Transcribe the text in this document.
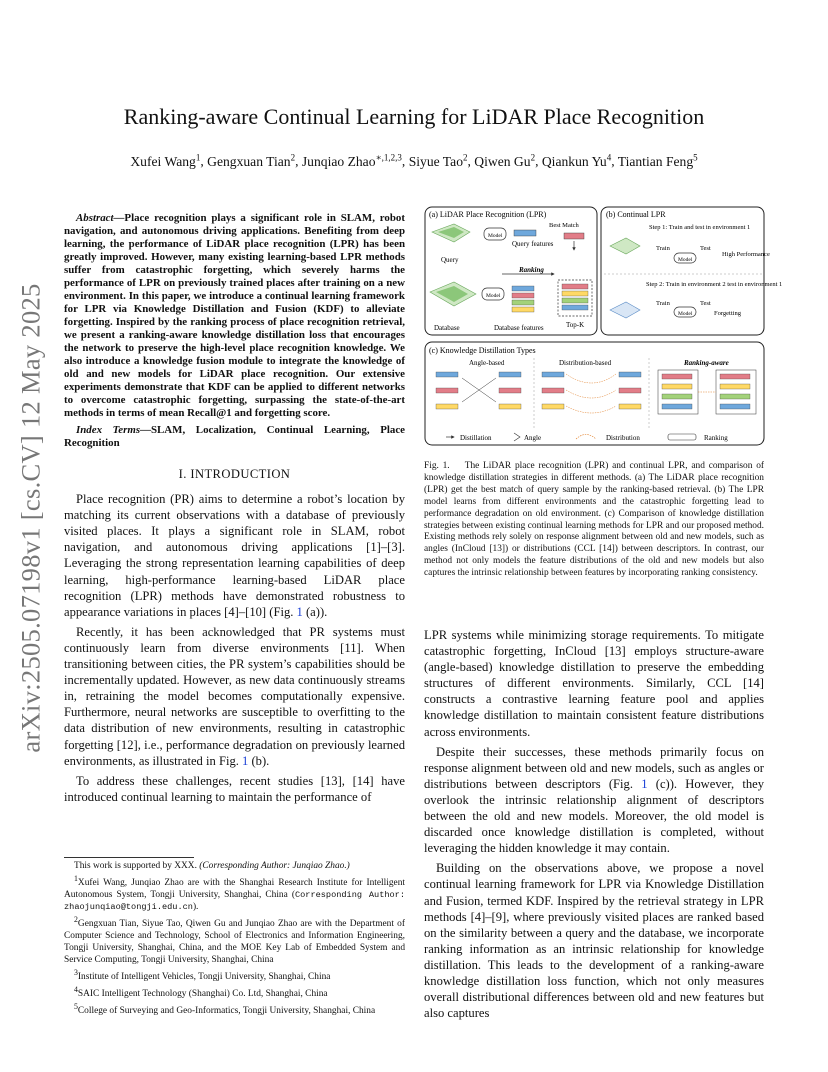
arXiv:2505.07198v1 [cs.CV] 12 May 2025
Ranking-aware Continual Learning for LiDAR Place Recognition
Xufei Wang$^1$, Gengxuan Tian$^2$, Junqiao Zhao$^{∗,1,2,3}$, Siyue Tao$^2$, Qiwen Gu$^2$, Qiankun Yu$^4$, Tiantian Feng$^5$

Abstract—Place recognition plays a significant role in SLAM, robot navigation, and autonomous driving applications. Benefiting from deep learning, the performance of LiDAR place recognition (LPR) has been greatly improved. However, many existing learning-based LPR methods suffer from catastrophic forgetting, which severely harms the performance of LPR on previously trained places after training on a new environment. In this paper, we introduce a continual learning framework for LPR via Knowledge Distillation and Fusion (KDF) to alleviate forgetting. Inspired by the ranking process of place recognition retrieval, we present a ranking-aware knowledge distillation loss that encourages the network to preserve the high-level place recognition knowledge. We also introduce a knowledge fusion module to integrate the knowledge of old and new models for LiDAR place recognition. Our extensive experiments demonstrate that KDF can be applied to different networks to overcome catastrophic forgetting, surpassing the state-of-the-art methods in terms of mean Recall@1 and forgetting score.

Index Terms—SLAM, Localization, Continual Learning, Place Recognition

I. INTRODUCTION

Place recognition (PR) aims to determine a robot’s location by matching its current observations with a database of previously visited places. It plays a significant role in SLAM, robot navigation, and autonomous driving applications [1]–[3]. Leveraging the strong representation learning capabilities of deep learning, high-performance learning-based LiDAR place recognition (LPR) methods have demonstrated robustness to appearance variations in places [4]–[10] (Fig. 1 (a)).

Recently, it has been acknowledged that PR systems must continuously learn from diverse environments [11]. When transitioning between cities, the PR system’s capabilities should be incrementally updated. However, as new data continuously streams in, retraining the model becomes computationally expensive. Furthermore, neural networks are susceptible to overfitting to the data distribution of new environments, resulting in catastrophic forgetting [12], i.e., performance degradation on previously learned environments, as illustrated in Fig. 1 (b).

To address these challenges, recent studies [13], [14] have introduced continual learning to maintain the performance of

This work is supported by XXX. (Corresponding Author: Junqiao Zhao.)
$^1$Xufei Wang, Junqiao Zhao are with the Shanghai Research Institute for Intelligent Autonomous System, Tongji University, Shanghai, China (Corresponding Author: zhaojunqiao@tongji.edu.cn).
$^2$Gengxuan Tian, Siyue Tao, Qiwen Gu and Junqiao Zhao are with the Department of Computer Science and Technology, School of Electronics and Information Engineering, Tongji University, Shanghai, China, and the MOE Key Lab of Embedded System and Service Computing, Tongji University, Shanghai, China
$^3$Institute of Intelligent Vehicles, Tongji University, Shanghai, China
$^4$SAIC Intelligent Technology (Shanghai) Co. Ltd, Shanghai, China
$^5$College of Surveying and Geo-Informatics, Tongji University, Shanghai, China
(a) LiDAR Place Recognition (LPR)	(b) Continual LPR
(c) Knowledge Distillation Types
Query
Model
Query features
Best Match
Ranking
Database
Model
Database features	Top-K
Step 1: Train and test in environment 1
Train	Test
Model
High Performance
Step 2: Train in environment 2 test in environment 1
Train	Test
Model	Forgetting
Angle-based	Distribution-based	Ranking-aware
Distillation	Angle	Distribution	Ranking
Fig. 1. The LiDAR place recognition (LPR) and continual LPR, and comparison of knowledge distillation strategies in different methods. (a) The LiDAR place recognition (LPR) get the best match of query sample by the ranking-based retrieval. (b) The LPR model learns from different environments and the catastrophic forgetting lead to performance degradation on old environment. (c) Comparison of knowledge distillation strategies between existing continual learning methods for LPR and our proposed method. Existing methods rely solely on response alignment between old and new models, such as angles (InCloud [13]) or distributions (CCL [14]) between descriptors. In contrast, our method not only models the feature distributions of the old and new models but also captures the intrinsic relationship between features by incorporating ranking consistency.

LPR systems while minimizing storage requirements. To mitigate catastrophic forgetting, InCloud [13] employs structure-aware (angle-based) knowledge distillation to preserve the embedding structures of different environments. Similarly, CCL [14] constructs a contrastive learning feature pool and applies knowledge distillation to maintain consistent feature distributions across environments.

Despite their successes, these methods primarily focus on response alignment between old and new models, such as angles or distributions between descriptors (Fig. 1 (c)). However, they overlook the intrinsic relationship alignment of descriptors between the old and new models. Moreover, the old model is discarded once knowledge distillation is completed, without leveraging the hidden knowledge it may contain.

Building on the observations above, we propose a novel continual learning framework for LPR via Knowledge Distillation and Fusion, termed KDF. Inspired by the retrieval strategy in LPR methods [4]–[9], where previously visited places are ranked based on the similarity between a query and the database, we incorporate ranking information as an intrinsic relationship for knowledge distillation. This leads to the development of a ranking-aware knowledge distillation loss function, which not only measures overall distributional differences between old and new features but also captures
